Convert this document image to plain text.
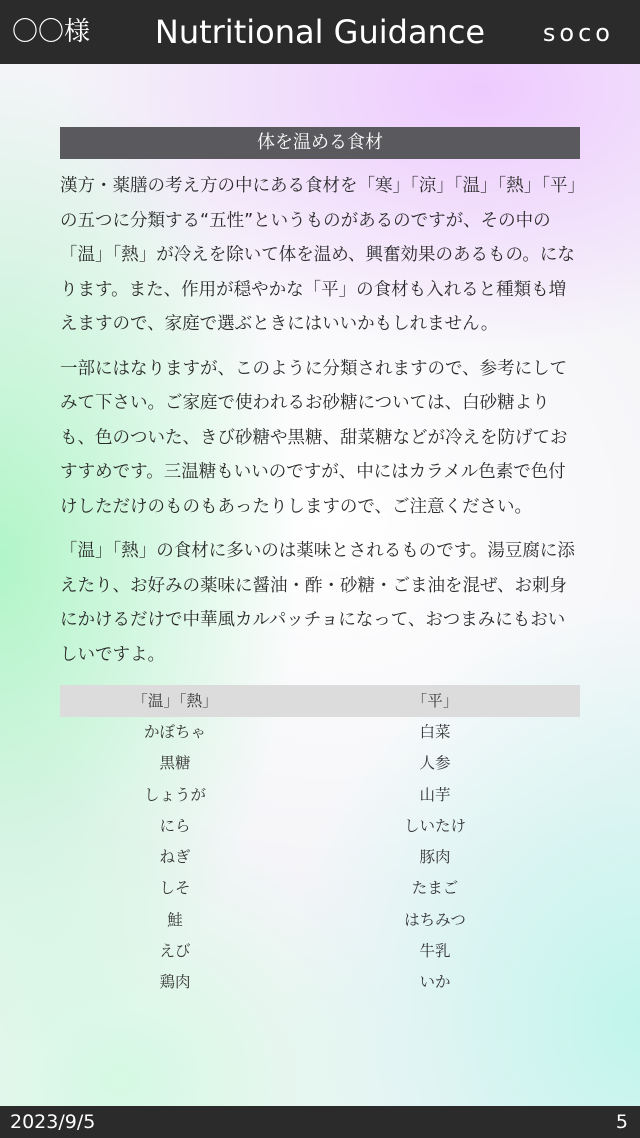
〇〇様	Nutritional Guidance	soco
体を温める食材

漢方・薬膳の考え方の中にある食材を「寒」「涼」「温」「熱」「平」の五つに分類する“五性”というものがあるのですが、その中の「温」「熱」が冷えを除いて体を温め、興奮効果のあるもの。になります。また、作用が穏やかな「平」の食材も入れると種類も増えますので、家庭で選ぶときにはいいかもしれません。

一部にはなりますが、このように分類されますので、参考にしてみて下さい。ご家庭で使われるお砂糖については、白砂糖よりも、色のついた、きび砂糖や黒糖、甜菜糖などが冷えを防げておすすめです。三温糖もいいのですが、中にはカラメル色素で色付けしただけのものもあったりしますので、ご注意ください。

「温」「熱」の食材に多いのは薬味とされるものです。湯豆腐に添えたり、お好みの薬味に醤油・酢・砂糖・ごま油を混ぜ、お刺身にかけるだけで中華風カルパッチョになって、おつまみにもおいしいですよ。

「温」「熱」	「平」
かぼちゃ	白菜
黒糖	人参
しょうが	山芋
にら	しいたけ
ねぎ	豚肉
しそ	たまご
鮭	はちみつ
えび	牛乳
鶏肉	いか
2023/9/5	5
